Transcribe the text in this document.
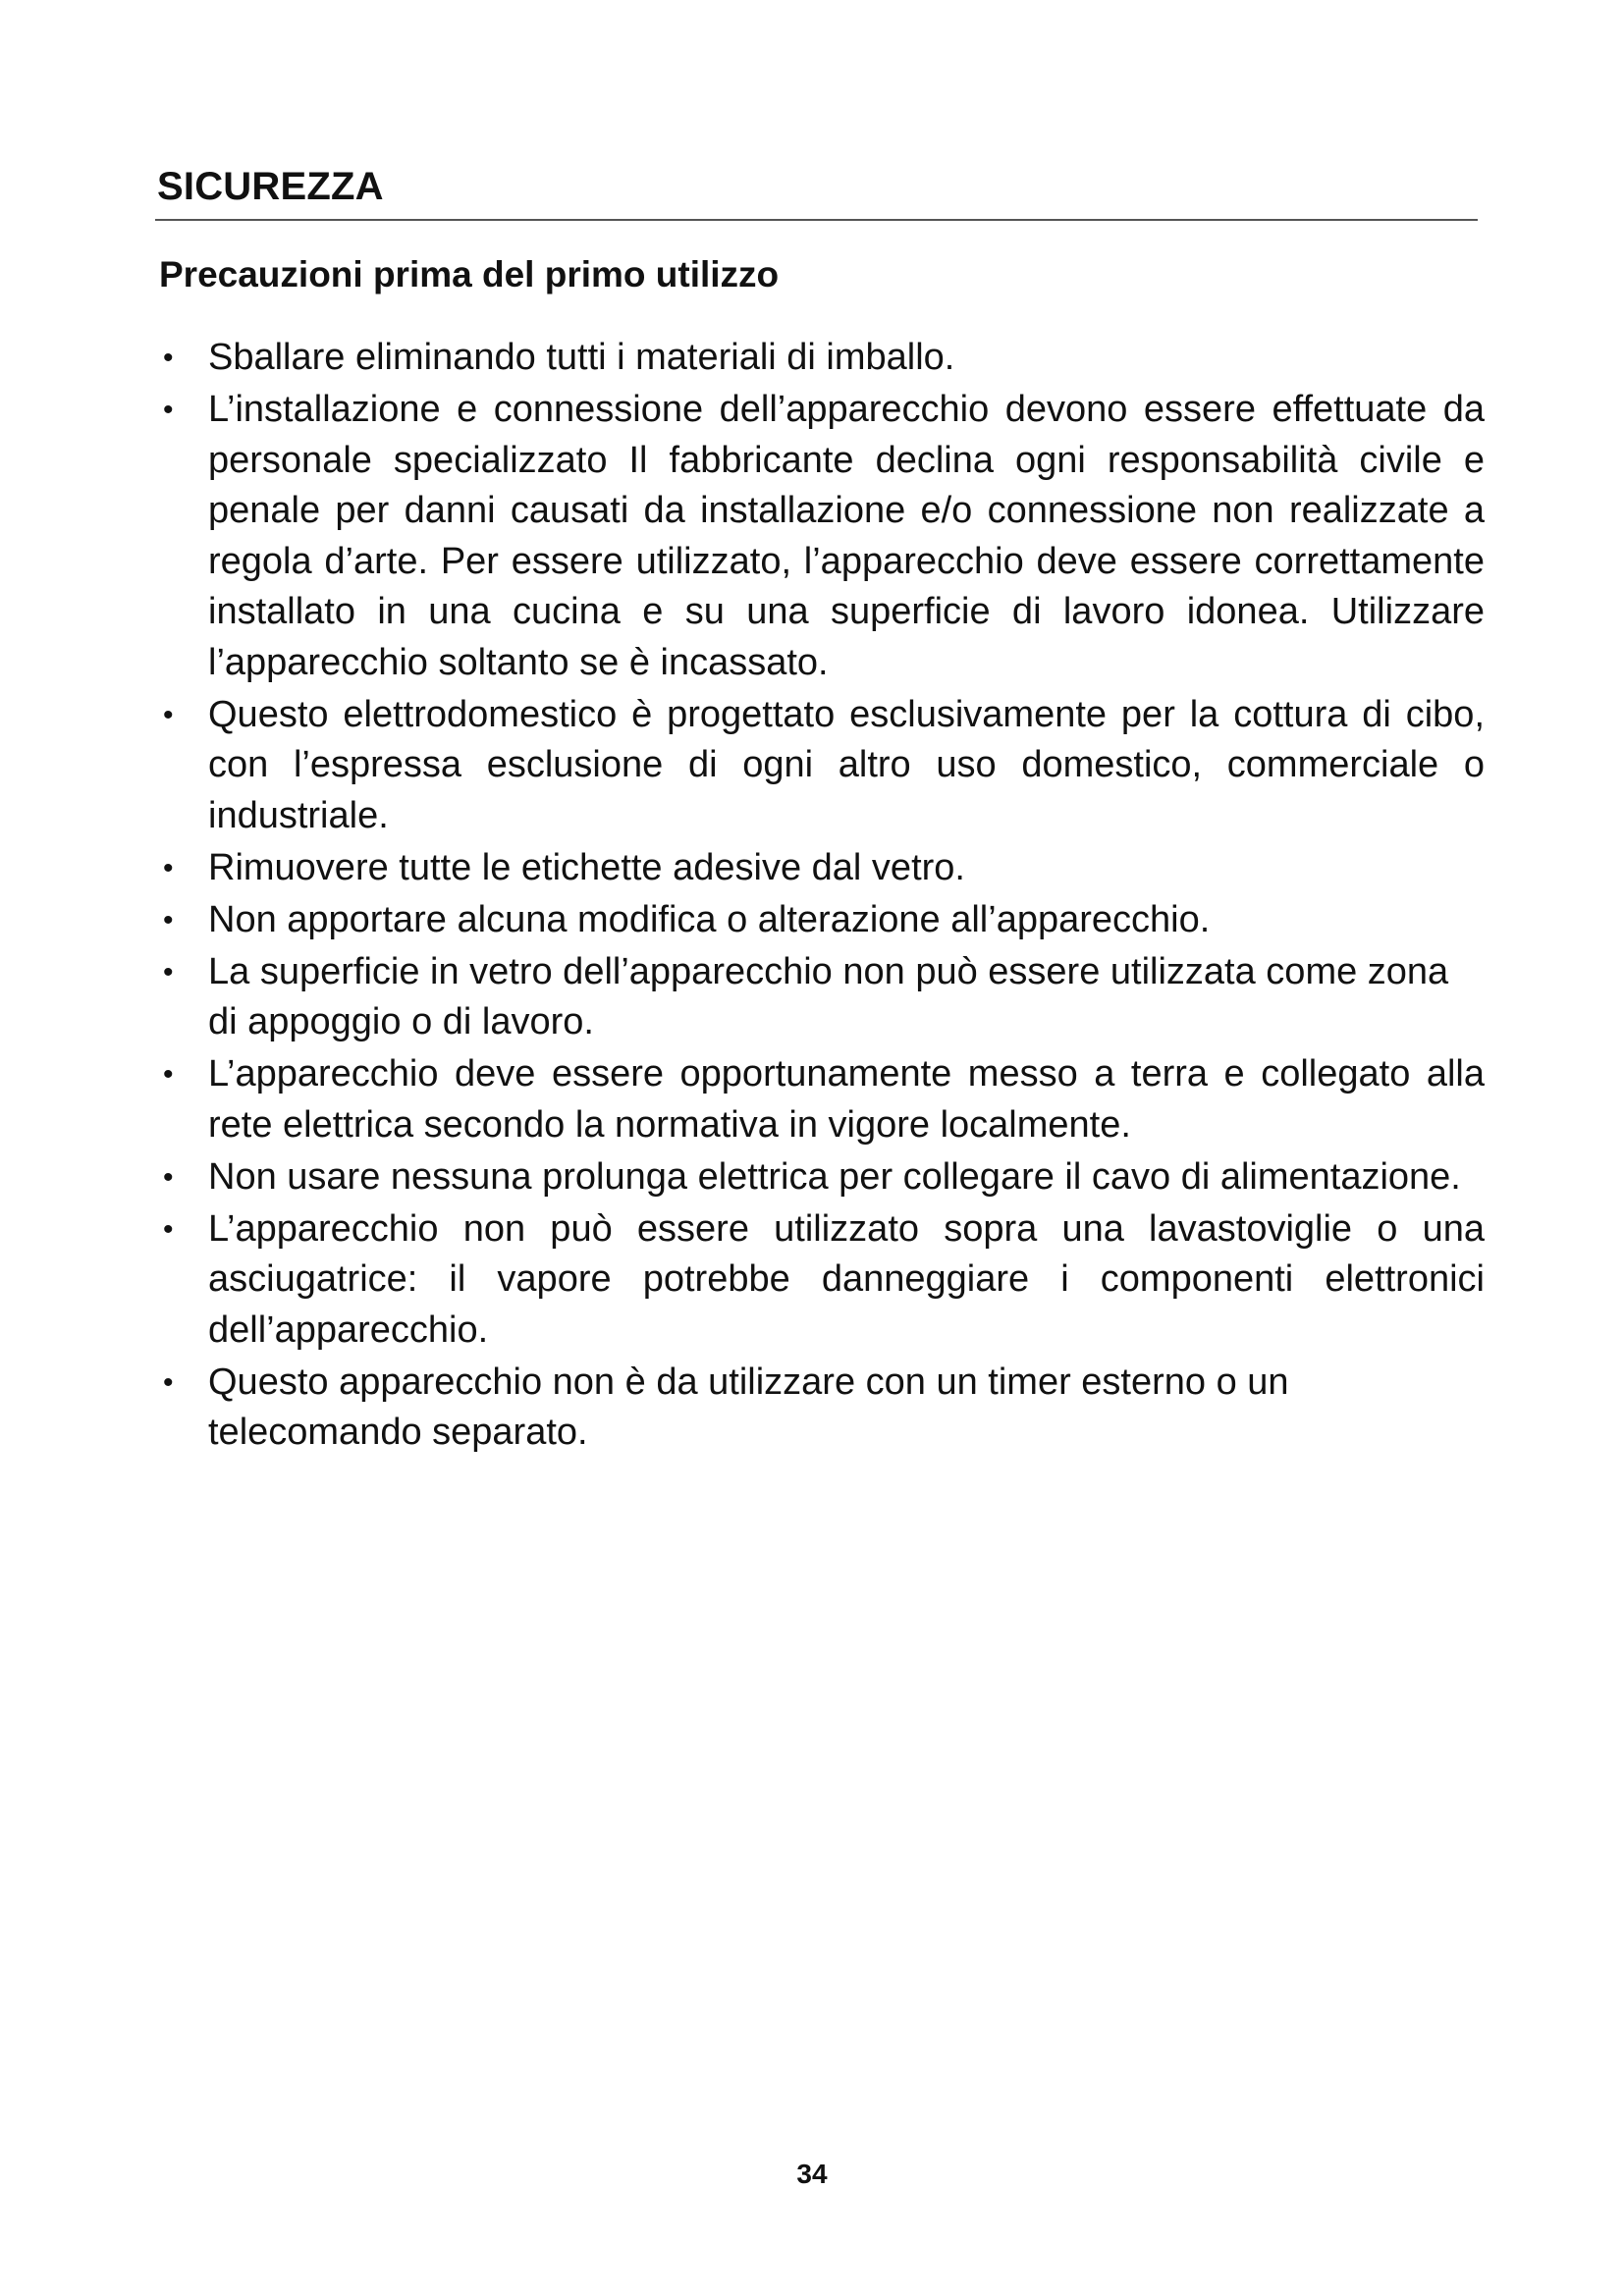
SICUREZZA
Precauzioni prima del primo utilizzo
• Sballare eliminando tutti i materiali di imballo.
• L’installazione e connessione dell’apparecchio devono essere effettuate da personale specializzato Il fabbricante declina ogni responsabilità civile e penale per danni causati da installazione e/o connessione non realizzate a regola d’arte. Per essere utilizzato, l’apparecchio deve essere correttamente installato in una cucina e su una superficie di lavoro idonea. Utilizzare l’apparecchio soltanto se è incassato.
• Questo elettrodomestico è progettato esclusivamente per la cottura di cibo, con l’espressa esclusione di ogni altro uso domestico, commerciale o industriale.
• Rimuovere tutte le etichette adesive dal vetro.
• Non apportare alcuna modifica o alterazione all’apparecchio.
• La superficie in vetro dell’apparecchio non può essere utilizzata come zona di appoggio o di lavoro.
• L’apparecchio deve essere opportunamente messo a terra e collegato alla rete elettrica secondo la normativa in vigore localmente.
• Non usare nessuna prolunga elettrica per collegare il cavo di alimentazione.
• L’apparecchio non può essere utilizzato sopra una lavastoviglie o una asciugatrice: il vapore potrebbe danneggiare i componenti elettronici dell’apparecchio.
• Questo apparecchio non è da utilizzare con un timer esterno o un telecomando separato.
34
